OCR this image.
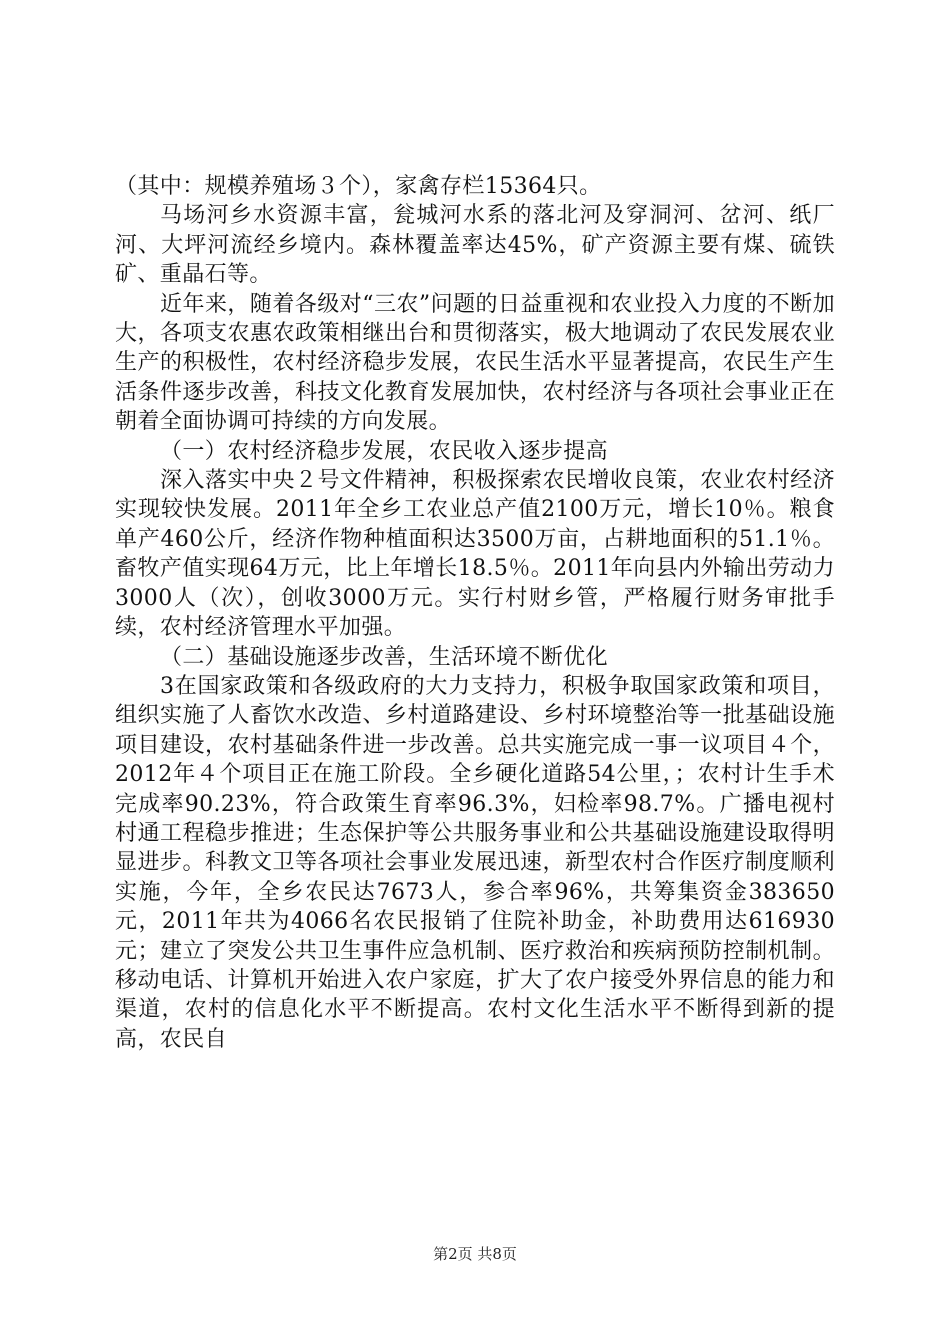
（其中：规模养殖场３个），家禽存栏15364只。

马场河乡水资源丰富，瓮城河水系的落北河及穿洞河、岔河、纸厂河、大坪河流经乡境内。森林覆盖率达45%，矿产资源主要有煤、硫铁矿、重晶石等。

近年来，随着各级对“三农”问题的日益重视和农业投入力度的不断加大，各项支农惠农政策相继出台和贯彻落实，极大地调动了农民发展农业生产的积极性，农村经济稳步发展，农民生活水平显著提高，农民生产生活条件逐步改善，科技文化教育发展加快，农村经济与各项社会事业正在朝着全面协调可持续的方向发展。

（一）农村经济稳步发展，农民收入逐步提高

深入落实中央２号文件精神，积极探索农民增收良策，农业农村经济实现较快发展。2011年全乡工农业总产值2100万元，增长10％。粮食单产460公斤，经济作物种植面积达3500万亩，占耕地面积的51.1％。畜牧产值实现64万元，比上年增长18.5％。2011年向县内外输出劳动力3000人（次），创收3000万元。实行村财乡管，严格履行财务审批手续，农村经济管理水平加强。

（二）基础设施逐步改善，生活环境不断优化

3在国家政策和各级政府的大力支持力，积极争取国家政策和项目，组织实施了人畜饮水改造、乡村道路建设、乡村环境整治等一批基础设施项目建设，农村基础条件进一步改善。总共实施完成一事一议项目４个，2012年４个项目正在施工阶段。全乡硬化道路54公里，；农村计生手术完成率90.23%，符合政策生育率96.3%，妇检率98.7%。广播电视村村通工程稳步推进；生态保护等公共服务事业和公共基础设施建设取得明显进步。科教文卫等各项社会事业发展迅速，新型农村合作医疗制度顺利实施，今年，全乡农民达7673人，参合率96%，共筹集资金383650元，2011年共为4066名农民报销了住院补助金，补助费用达616930元；建立了突发公共卫生事件应急机制、医疗救治和疾病预防控制机制。移动电话、计算机开始进入农户家庭，扩大了农户接受外界信息的能力和渠道，农村的信息化水平不断提高。农村文化生活水平不断得到新的提高，农民自

第2页 共8页
